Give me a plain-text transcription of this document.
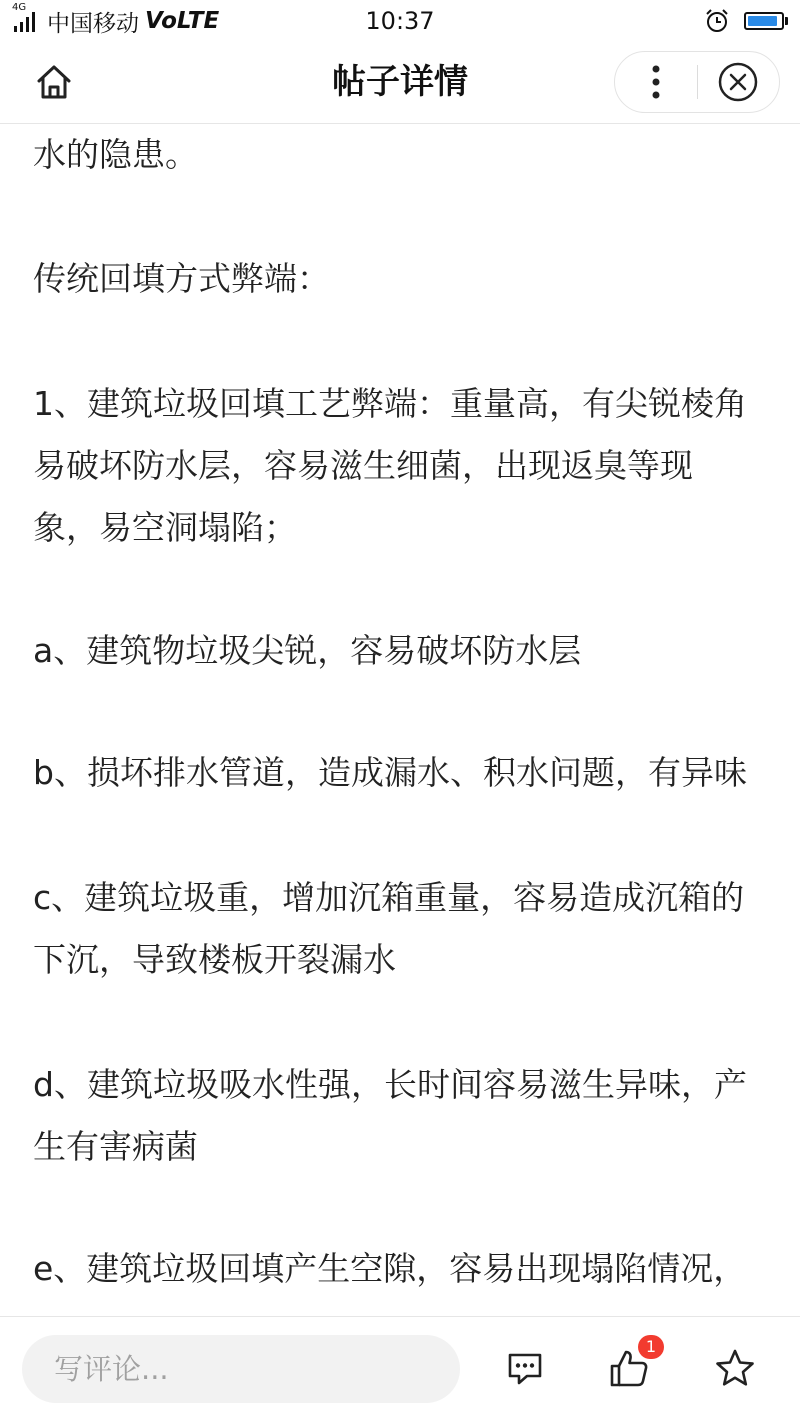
4G
中国移动 VoLTE	10:37
帖子详情

水的隐患。

传统回填方式弊端：

1、建筑垃圾回填工艺弊端：重量高，有尖锐棱角
易破坏防水层，容易滋生细菌，出现返臭等现
象，易空洞塌陷；

a、建筑物垃圾尖锐，容易破坏防水层

b、损坏排水管道，造成漏水、积水问题，有异味

c、建筑垃圾重，增加沉箱重量，容易造成沉箱的
下沉，导致楼板开裂漏水

d、建筑垃圾吸水性强，长时间容易滋生异味，产
生有害病菌

e、建筑垃圾回填产生空隙，容易出现塌陷情况，

写评论...
1
